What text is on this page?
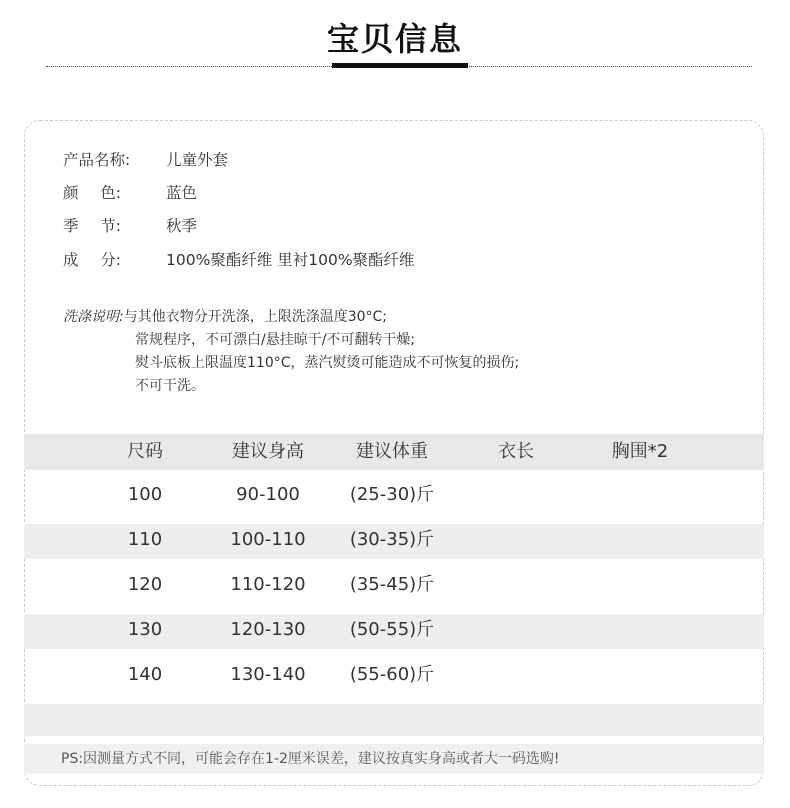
宝贝信息
产品名称: 儿童外套
颜 色:	蓝色
季 节:	秋季
成 分:	100%聚酯纤维 里衬100%聚酯纤维
洗涤说明:与其他衣物分开洗涤，上限洗涤温度30°C;
常规程序，不可漂白/悬挂晾干/不可翻转干燥;
熨斗底板上限温度110°C，蒸汽熨烫可能造成不可恢复的损伤;
不可干洗。
尺码	建议身高	建议体重	衣长	胸围*2
100	90-100	(25-30)斤
110	100-110 (30-35)斤
120	110-120 (35-45)斤
130	120-130 (50-55)斤
140	130-140 (55-60)斤
PS:因测量方式不同，可能会存在1-2厘米误差，建议按真实身高或者大一码选购!
